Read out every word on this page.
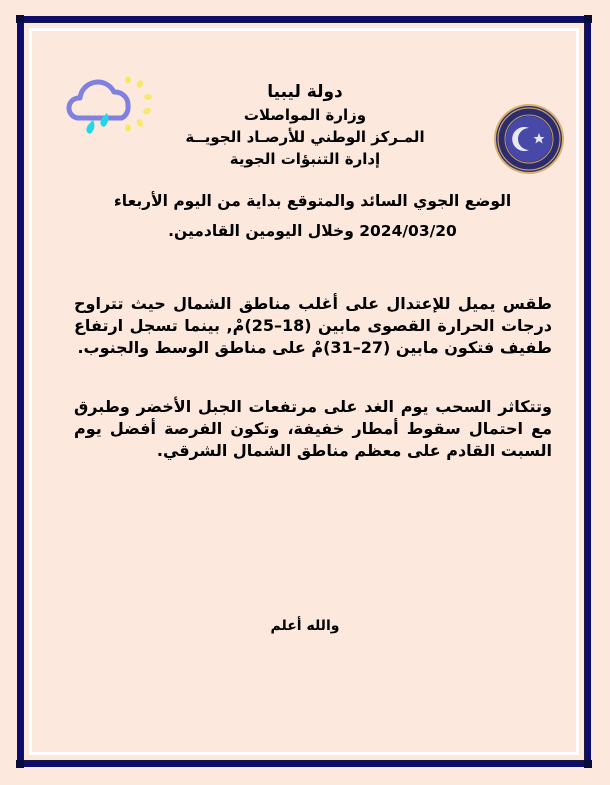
دولة ليبيا
وزارة المواصلات
المـركز الوطني للأرصـاد الجويــة
إدارة التنبؤات الجوية
الوضع الجوي السائد والمتوقع بداية من اليوم الأربعاء
2024/03/20 وخلال اليومين القادمين.
طقس يميل للإعتدال على أغلب مناطق الشمال حيث تتراوح درجات الحرارة القصوى مابين (18–25)مْ, بينما تسجل ارتفاع طفيف فتكون مابين (27–31)مْ على مناطق الوسط والجنوب.
وتتكاثر السحب يوم الغد على مرتفعات الجبل الأخضر وطبرق مع احتمال سقوط أمطار خفيفة، وتكون الفرصة أفضل يوم السبت القادم على معظم مناطق الشمال الشرقي.
والله أعلم
